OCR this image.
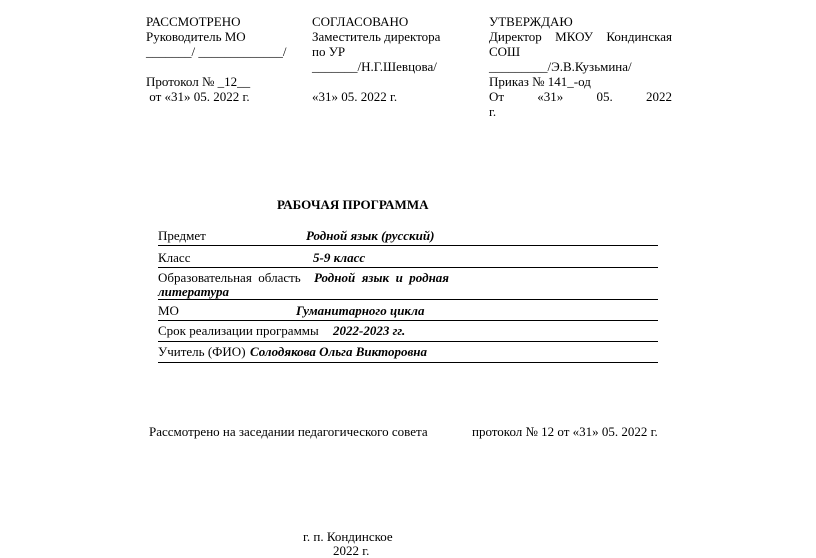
РАССМОТРЕНО
Руководитель МО
_______/ _____________/
Протокол № _12__
от «31» 05. 2022 г.
СОГЛАСОВАНО
Заместитель директора
по УР
_______/Н.Г.Шевцова/
«31» 05. 2022 г.
УТВЕРЖДАЮ
Директор МКОУ Кондинская
СОШ
_________/Э.В.Кузьмина/
Приказ № 141_-од
От	«31»	05.	2022
г.
РАБОЧАЯ ПРОГРАММА
Предмет	Родной язык (русский)
Класс	5-9 класс
Образовательная  область Родной  язык  и  родная
литература
МО	Гуманитарного цикла
Срок реализации программы 2022-2023 гг.
Учитель (ФИО) Солодякова Ольга Викторовна
Рассмотрено на заседании педагогического совета	протокол № 12 от «31» 05. 2022 г.
г. п. Кондинское
2022 г.
